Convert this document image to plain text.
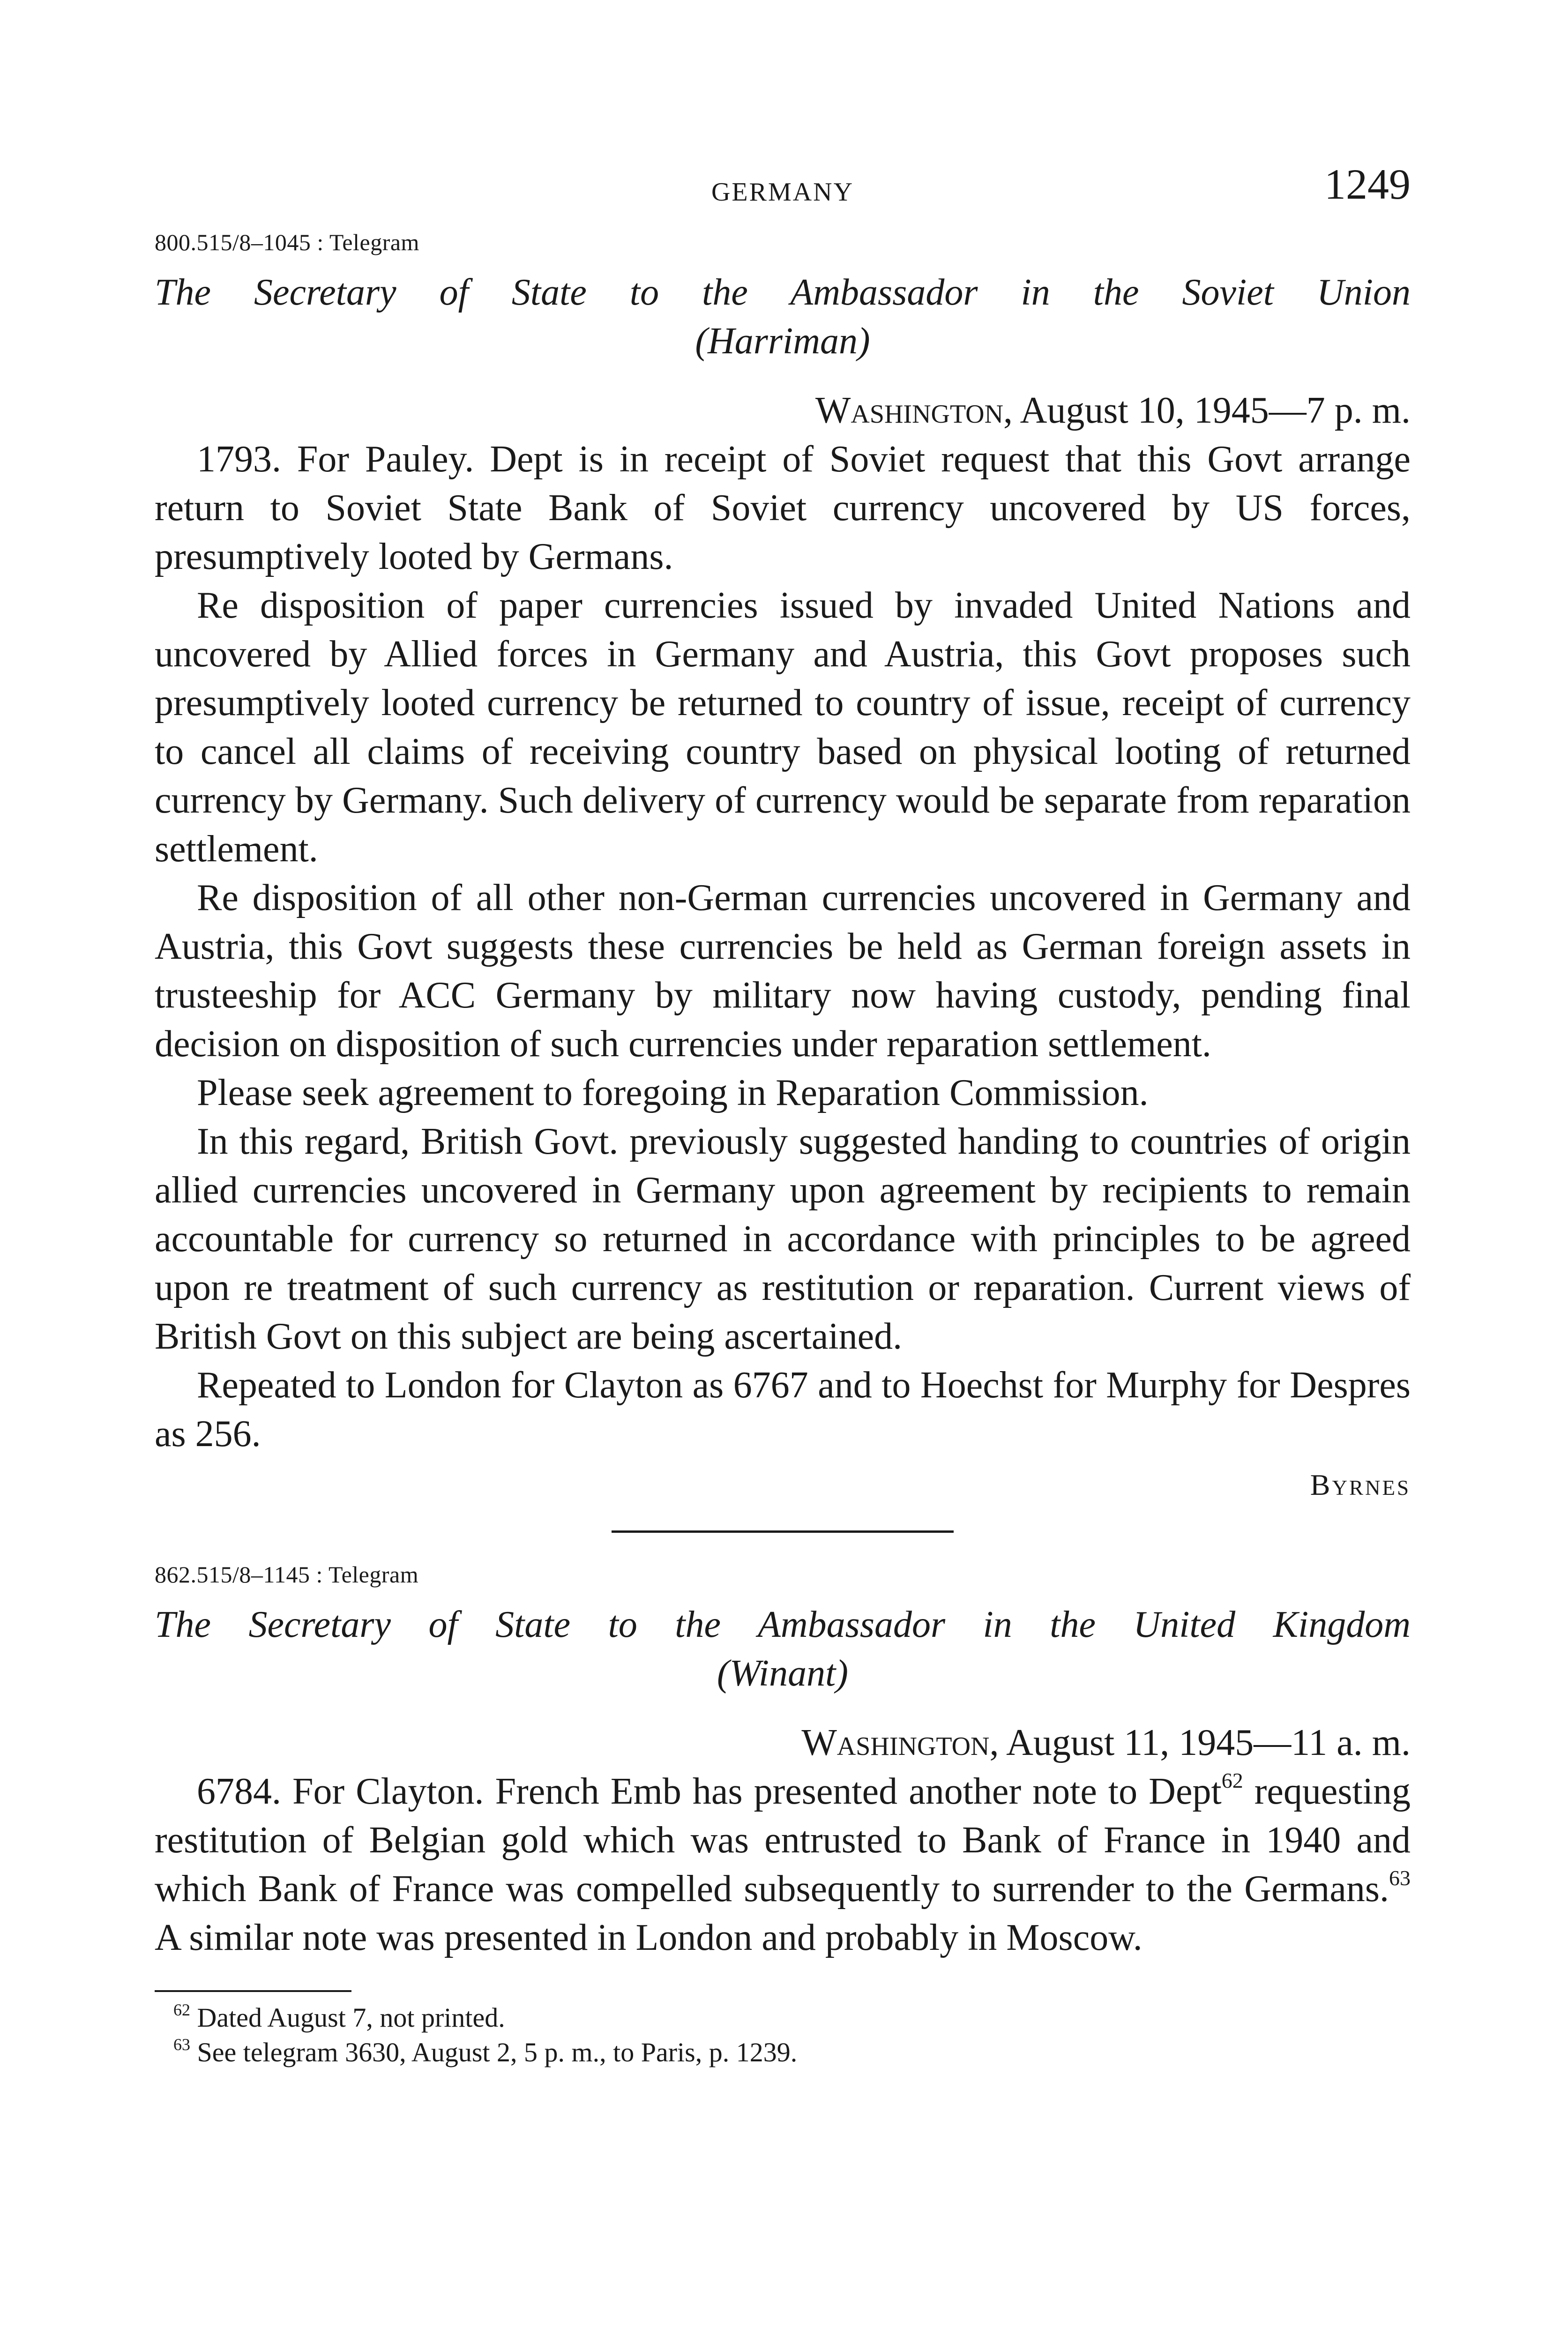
GERMANY	1249
800.515/8–1045 : Telegram
The Secretary of State to the Ambassador in the Soviet Union
(Harriman)
Washington, August 10, 1945—7 p. m.

1793. For Pauley. Dept is in receipt of Soviet request that this Govt arrange return to Soviet State Bank of Soviet currency uncovered by US forces, presumptively looted by Germans.

Re disposition of paper currencies issued by invaded United Nations and uncovered by Allied forces in Germany and Austria, this Govt proposes such presumptively looted currency be returned to country of issue, receipt of currency to cancel all claims of receiving country based on physical looting of returned currency by Germany. Such delivery of currency would be separate from reparation settlement.

Re disposition of all other non-German currencies uncovered in Germany and Austria, this Govt suggests these currencies be held as German foreign assets in trusteeship for ACC Germany by military now having custody, pending final decision on disposition of such currencies under reparation settlement.

Please seek agreement to foregoing in Reparation Commission.

In this regard, British Govt. previously suggested handing to countries of origin allied currencies uncovered in Germany upon agreement by recipients to remain accountable for currency so returned in accordance with principles to be agreed upon re treatment of such currency as restitution or reparation. Current views of British Govt on this subject are being ascertained.

Repeated to London for Clayton as 6767 and to Hoechst for Murphy for Despres as 256.

Byrnes
862.515/8–1145 : Telegram
The Secretary of State to the Ambassador in the United Kingdom
(Winant)
Washington, August 11, 1945—11 a. m.

6784. For Clayton. French Emb has presented another note to Dept$^{62}$ requesting restitution of Belgian gold which was entrusted to Bank of France in 1940 and which Bank of France was compelled subsequently to surrender to the Germans.$^{63}$ A similar note was presented in London and probably in Moscow.

$^{62}$ Dated August 7, not printed.
$^{63}$ See telegram 3630, August 2, 5 p. m., to Paris, p. 1239.
